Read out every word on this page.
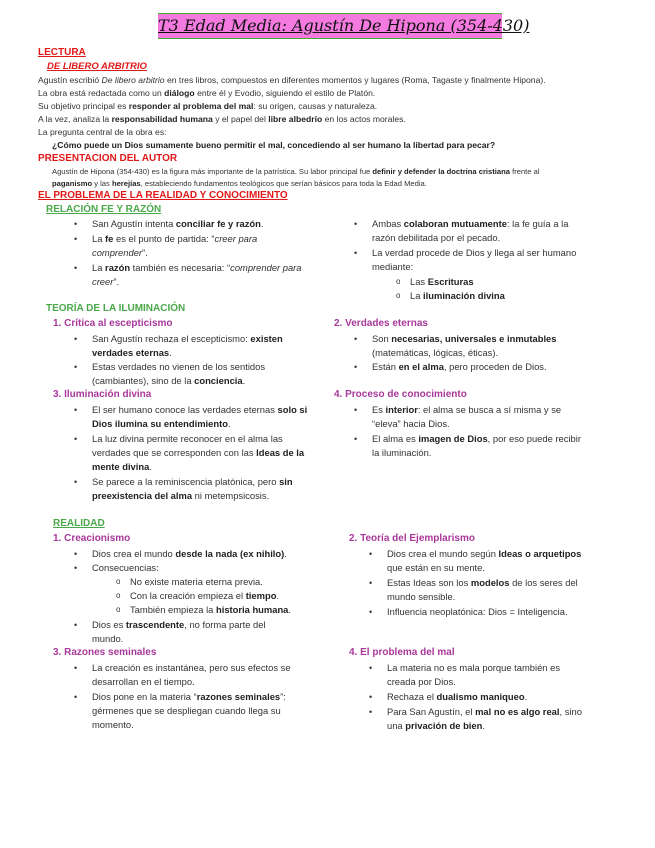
T3 Edad Media: Agustín De Hipona (354-430)
LECTURA
DE LIBERO ARBITRIO
Agustín escribió De libero arbitrio en tres libros, compuestos en diferentes momentos y lugares (Roma, Tagaste y finalmente Hipona).
La obra está redactada como un diálogo entre él y Evodio, siguiendo el estilo de Platón.
Su objetivo principal es responder al problema del mal: su origen, causas y naturaleza.
A la vez, analiza la responsabilidad humana y el papel del libre albedrío en los actos morales.
La pregunta central de la obra es:
¿Cómo puede un Dios sumamente bueno permitir el mal, concediendo al ser humano la libertad para pecar?
PRESENTACION DEL AUTOR
Agustín de Hipona (354-430) es la figura más importante de la patrística. Su labor principal fue definir y defender la doctrina cristiana frente al
paganismo y las herejías, estableciendo fundamentos teológicos que serían básicos para toda la Edad Media.
EL PROBLEMA DE LA REALIDAD Y CONOCIMIENTO
RELACIÓN FE Y RAZÓN
• San Agustín intenta conciliar fe y razón.
• La fe es el punto de partida: “creer para
comprender”.
• La razón también es necesaria: “comprender para
creer”.
• Ambas colaboran mutuamente: la fe guía a la
razón debilitada por el pecado.
• La verdad procede de Dios y llega al ser humano
mediante:
o Las Escrituras
o La iluminación divina
TEORÍA DE LA ILUMINACIÓN
1. Crítica al escepticismo
• San Agustín rechaza el escepticismo: existen
verdades eternas.
• Estas verdades no vienen de los sentidos
(cambiantes), sino de la conciencia.
2. Verdades eternas
• Son necesarias, universales e inmutables
(matemáticas, lógicas, éticas).
• Están en el alma, pero proceden de Dios.
3. Iluminación divina
• El ser humano conoce las verdades eternas solo si
Dios ilumina su entendimiento.
• La luz divina permite reconocer en el alma las
verdades que se corresponden con las Ideas de la
mente divina.
• Se parece a la reminiscencia platónica, pero sin
preexistencia del alma ni metempsicosis.
4. Proceso de conocimiento
• Es interior: el alma se busca a sí misma y se
“eleva” hacia Dios.
• El alma es imagen de Dios, por eso puede recibir
la iluminación.
REALIDAD
1. Creacionismo
• Dios crea el mundo desde la nada (ex nihilo).
• Consecuencias:
o No existe materia eterna previa.
o Con la creación empieza el tiempo.
o También empieza la historia humana.
• Dios es trascendente, no forma parte del
mundo.
2. Teoría del Ejemplarismo
• Dios crea el mundo según Ideas o arquetipos
que están en su mente.
• Estas Ideas son los modelos de los seres del
mundo sensible.
• Influencia neoplatónica: Dios = Inteligencia.
3. Razones seminales
• La creación es instantánea, pero sus efectos se
desarrollan en el tiempo.
• Dios pone en la materia “razones seminales”:
gérmenes que se despliegan cuando llega su
momento.
4. El problema del mal
• La materia no es mala porque también es
creada por Dios.
• Rechaza el dualismo maniqueo.
• Para San Agustín, el mal no es algo real, sino
una privación de bien.
